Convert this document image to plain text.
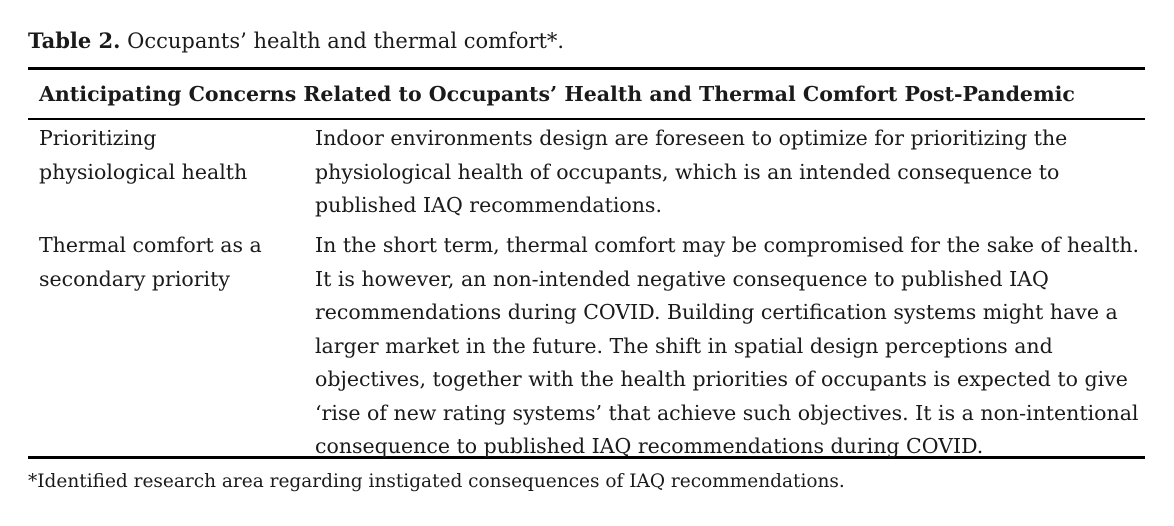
Table 2. Occupants’ health and thermal comfort*.
Anticipating Concerns Related to Occupants’ Health and Thermal Comfort Post-Pandemic
Prioritizing
physiological health
Indoor environments design are foreseen to optimize for prioritizing the
physiological health of occupants, which is an intended consequence to
published IAQ recommendations.
Thermal comfort as a
secondary priority
In the short term, thermal comfort may be compromised for the sake of health.
It is however, an non-intended negative consequence to published IAQ
recommendations during COVID. Building certification systems might have a
larger market in the future. The shift in spatial design perceptions and
objectives, together with the health priorities of occupants is expected to give
‘rise of new rating systems’ that achieve such objectives. It is a non-intentional
consequence to published IAQ recommendations during COVID.
*Identified research area regarding instigated consequences of IAQ recommendations.
